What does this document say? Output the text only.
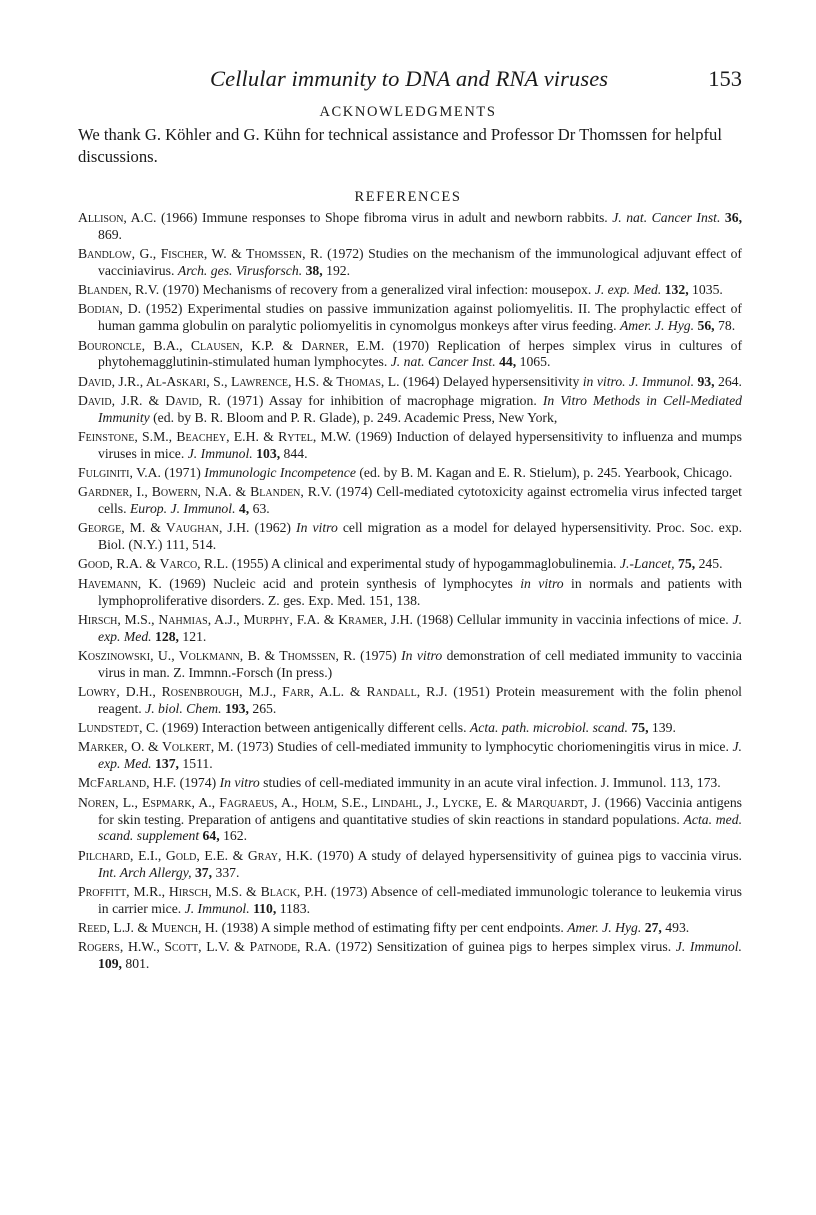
Cellular immunity to DNA and RNA viruses	153
ACKNOWLEDGMENTS
We thank G. Köhler and G. Kühn for technical assistance and Professor Dr Thomssen for helpful discussions.
REFERENCES
Allison, A.C. (1966) Immune responses to Shope fibroma virus in adult and newborn rabbits. J. nat. Cancer Inst. 36, 869.
Bandlow, G., Fischer, W. & Thomssen, R. (1972) Studies on the mechanism of the immunological adjuvant effect of vacciniavirus. Arch. ges. Virusforsch. 38, 192.
Blanden, R.V. (1970) Mechanisms of recovery from a generalized viral infection: mousepox. J. exp. Med. 132, 1035.
Bodian, D. (1952) Experimental studies on passive immunization against poliomyelitis. II. The prophylactic effect of human gamma globulin on paralytic poliomyelitis in cynomolgus monkeys after virus feeding. Amer. J. Hyg. 56, 78.
Bouroncle, B.A., Clausen, K.P. & Darner, E.M. (1970) Replication of herpes simplex virus in cultures of phytohemagglutinin-stimulated human lymphocytes. J. nat. Cancer Inst. 44, 1065.
David, J.R., Al-Askari, S., Lawrence, H.S. & Thomas, L. (1964) Delayed hypersensitivity in vitro. J. Immunol. 93, 264.
David, J.R. & David, R. (1971) Assay for inhibition of macrophage migration. In Vitro Methods in Cell-Mediated Immunity (ed. by B. R. Bloom and P. R. Glade), p. 249. Academic Press, New York,
Feinstone, S.M., Beachey, E.H. & Rytel, M.W. (1969) Induction of delayed hypersensitivity to influenza and mumps viruses in mice. J. Immunol. 103, 844.
Fulginiti, V.A. (1971) Immunologic Incompetence (ed. by B. M. Kagan and E. R. Stielum), p. 245. Yearbook, Chicago.
Gardner, I., Bowern, N.A. & Blanden, R.V. (1974) Cell-mediated cytotoxicity against ectromelia virus infected target cells. Europ. J. Immunol. 4, 63.
George, M. & Vaughan, J.H. (1962) In vitro cell migration as a model for delayed hypersensitivity. Proc. Soc. exp. Biol. (N.Y.) 111, 514.
Good, R.A. & Varco, R.L. (1955) A clinical and experimental study of hypogammaglobulinemia. J.-Lancet, 75, 245.
Havemann, K. (1969) Nucleic acid and protein synthesis of lymphocytes in vitro in normals and patients with lymphoproliferative disorders. Z. ges. Exp. Med. 151, 138.
Hirsch, M.S., Nahmias, A.J., Murphy, F.A. & Kramer, J.H. (1968) Cellular immunity in vaccinia infections of mice. J. exp. Med. 128, 121.
Koszinowski, U., Volkmann, B. & Thomssen, R. (1975) In vitro demonstration of cell mediated immunity to vaccinia virus in man. Z. Immnn.-Forsch (In press.)
Lowry, D.H., Rosenbrough, M.J., Farr, A.L. & Randall, R.J. (1951) Protein measurement with the folin phenol reagent. J. biol. Chem. 193, 265.
Lundstedt, C. (1969) Interaction between antigenically different cells. Acta. path. microbiol. scand. 75, 139.
Marker, O. & Volkert, M. (1973) Studies of cell-mediated immunity to lymphocytic choriomeningitis virus in mice. J. exp. Med. 137, 1511.
McFarland, H.F. (1974) In vitro studies of cell-mediated immunity in an acute viral infection. J. Immunol. 113, 173.
Noren, L., Espmark, A., Fagraeus, A., Holm, S.E., Lindahl, J., Lycke, E. & Marquardt, J. (1966) Vaccinia antigens for skin testing. Preparation of antigens and quantitative studies of skin reactions in standard populations. Acta. med. scand. supplement 64, 162.
Pilchard, E.I., Gold, E.E. & Gray, H.K. (1970) A study of delayed hypersensitivity of guinea pigs to vaccinia virus. Int. Arch Allergy, 37, 337.
Proffitt, M.R., Hirsch, M.S. & Black, P.H. (1973) Absence of cell-mediated immunologic tolerance to leukemia virus in carrier mice. J. Immunol. 110, 1183.
Reed, L.J. & Muench, H. (1938) A simple method of estimating fifty per cent endpoints. Amer. J. Hyg. 27, 493.
Rogers, H.W., Scott, L.V. & Patnode, R.A. (1972) Sensitization of guinea pigs to herpes simplex virus. J. Immunol. 109, 801.
